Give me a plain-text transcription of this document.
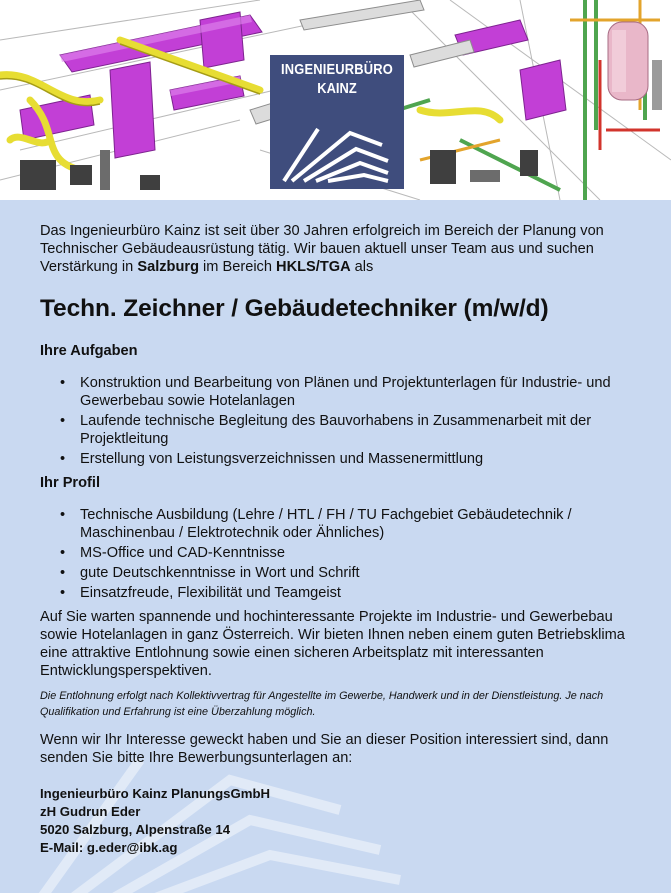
INGENIEURBÜRO
KAINZ

Das Ingenieurbüro Kainz ist seit über 30 Jahren erfolgreich im Bereich der Planung von Technischer Gebäudeausrüstung tätig. Wir bauen aktuell unser Team aus und suchen Verstärkung in Salzburg im Bereich HKLS/TGA als

Techn. Zeichner / Gebäudetechniker (m/w/d)
Ihre Aufgaben
• Konstruktion und Bearbeitung von Plänen und Projektunterlagen für Industrie- und Gewerbebau sowie Hotelanlagen
• Laufende technische Begleitung des Bauvorhabens in Zusammenarbeit mit der Projektleitung
• Erstellung von Leistungsverzeichnissen und Massenermittlung
Ihr Profil
• Technische Ausbildung (Lehre / HTL / FH / TU Fachgebiet Gebäudetechnik / Maschinenbau / Elektrotechnik oder Ähnliches)
• MS-Office und CAD-Kenntnisse
• gute Deutschkenntnisse in Wort und Schrift
• Einsatzfreude, Flexibilität und Teamgeist

Auf Sie warten spannende und hochinteressante Projekte im Industrie- und Gewerbebau sowie Hotelanlagen in ganz Österreich. Wir bieten Ihnen neben einem guten Betriebsklima eine attraktive Entlohnung sowie einen sicheren Arbeitsplatz mit interessanten Entwicklungsperspektiven.

Die Entlohnung erfolgt nach Kollektivvertrag für Angestellte im Gewerbe, Handwerk und in der Dienstleistung. Je nach Qualifikation und Erfahrung ist eine Überzahlung möglich.

Wenn wir Ihr Interesse geweckt haben und Sie an dieser Position interessiert sind, dann senden Sie bitte Ihre Bewerbungsunterlagen an:

Ingenieurbüro Kainz PlanungsGmbH
zH Gudrun Eder
5020 Salzburg, Alpenstraße 14
E-Mail: g.eder@ibk.ag
